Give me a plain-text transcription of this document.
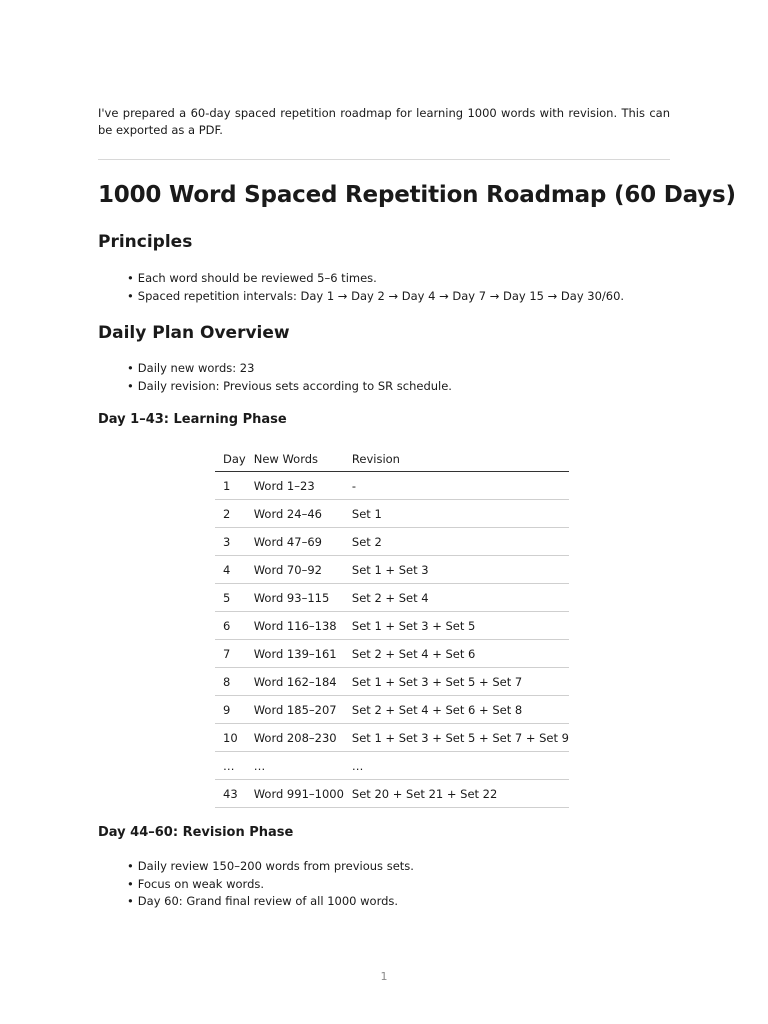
I've prepared a 60-day spaced repetition roadmap for learning 1000 words with revision. This can be exported as a PDF.

1000 Word Spaced Repetition Roadmap (60 Days)
Principles
• Each word should be reviewed 5–6 times.
• Spaced repetition intervals: Day 1 → Day 2 → Day 4 → Day 7 → Day 15 → Day 30/60.
Daily Plan Overview
• Daily new words: 23
• Daily revision: Previous sets according to SR schedule.
Day 1–43: Learning Phase
Day	New Words	Revision
1	Word 1–23	-
2	Word 24–46	Set 1
3	Word 47–69	Set 2
4	Word 70–92	Set 1 + Set 3
5	Word 93–115	Set 2 + Set 4
6	Word 116–138	Set 1 + Set 3 + Set 5
7	Word 139–161	Set 2 + Set 4 + Set 6
8	Word 162–184	Set 1 + Set 3 + Set 5 + Set 7
9	Word 185–207	Set 2 + Set 4 + Set 6 + Set 8
10	Word 208–230	Set 1 + Set 3 + Set 5 + Set 7 + Set 9
…	…	…
43	Word 991–1000	Set 20 + Set 21 + Set 22
Day 44–60: Revision Phase
• Daily review 150–200 words from previous sets.
• Focus on weak words.
• Day 60: Grand final review of all 1000 words.
1
